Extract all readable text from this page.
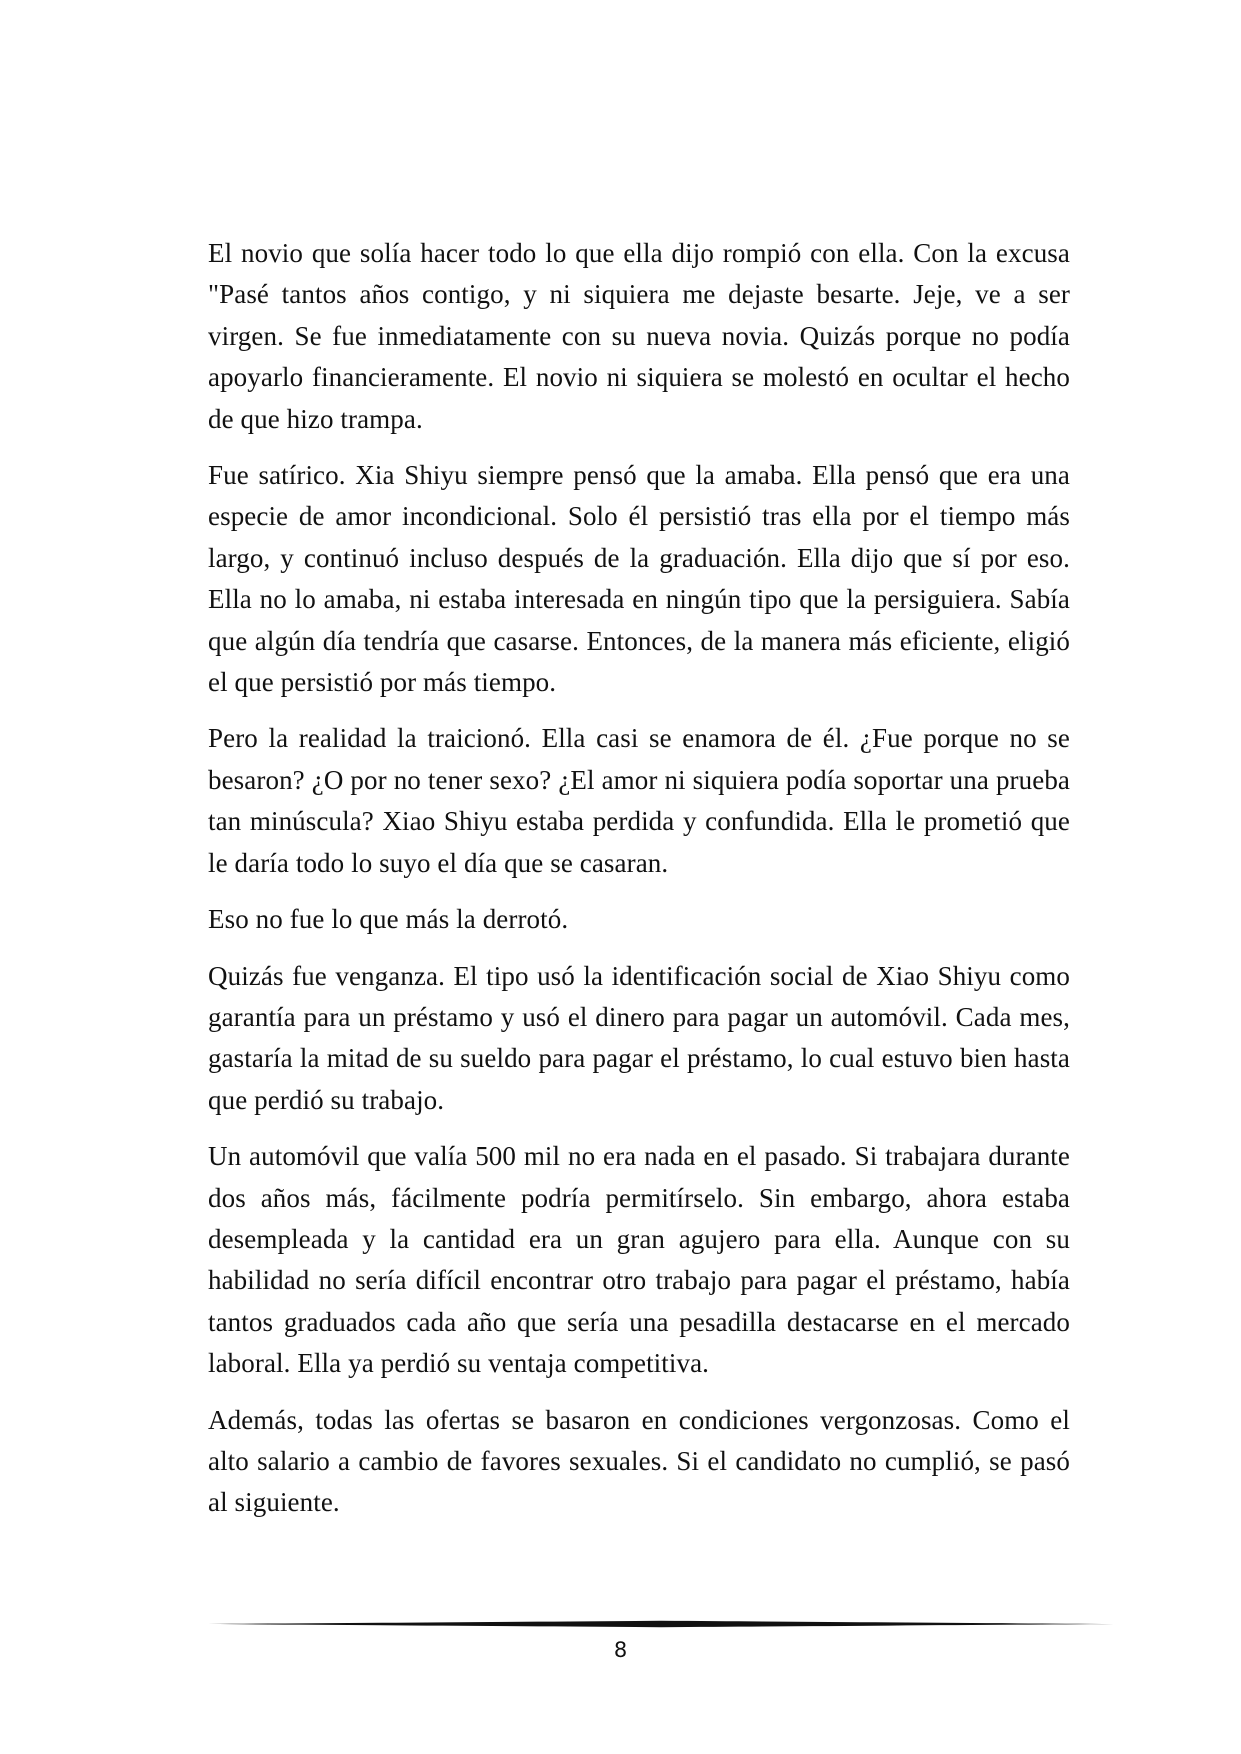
El novio que solía hacer todo lo que ella dijo rompió con ella. Con la excusa "Pasé tantos años contigo, y ni siquiera me dejaste besarte. Jeje, ve a ser virgen. Se fue inmediatamente con su nueva novia. Quizás porque no podía apoyarlo financieramente. El novio ni siquiera se molestó en ocultar el hecho de que hizo trampa.

Fue satírico. Xia Shiyu siempre pensó que la amaba. Ella pensó que era una especie de amor incondicional. Solo él persistió tras ella por el tiempo más largo, y continuó incluso después de la graduación. Ella dijo que sí por eso. Ella no lo amaba, ni estaba interesada en ningún tipo que la persiguiera. Sabía que algún día tendría que casarse. Entonces, de la manera más eficiente, eligió el que persistió por más tiempo.

Pero la realidad la traicionó. Ella casi se enamora de él. ¿Fue porque no se besaron? ¿O por no tener sexo? ¿El amor ni siquiera podía soportar una prueba tan minúscula? Xiao Shiyu estaba perdida y confundida. Ella le prometió que le daría todo lo suyo el día que se casaran.

Eso no fue lo que más la derrotó.

Quizás fue venganza. El tipo usó la identificación social de Xiao Shiyu como garantía para un préstamo y usó el dinero para pagar un automóvil. Cada mes, gastaría la mitad de su sueldo para pagar el préstamo, lo cual estuvo bien hasta que perdió su trabajo.

Un automóvil que valía 500 mil no era nada en el pasado. Si trabajara durante dos años más, fácilmente podría permitírselo. Sin embargo, ahora estaba desempleada y la cantidad era un gran agujero para ella. Aunque con su habilidad no sería difícil encontrar otro trabajo para pagar el préstamo, había tantos graduados cada año que sería una pesadilla destacarse en el mercado laboral. Ella ya perdió su ventaja competitiva.

Además, todas las ofertas se basaron en condiciones vergonzosas. Como el alto salario a cambio de favores sexuales. Si el candidato no cumplió, se pasó al siguiente.

8
